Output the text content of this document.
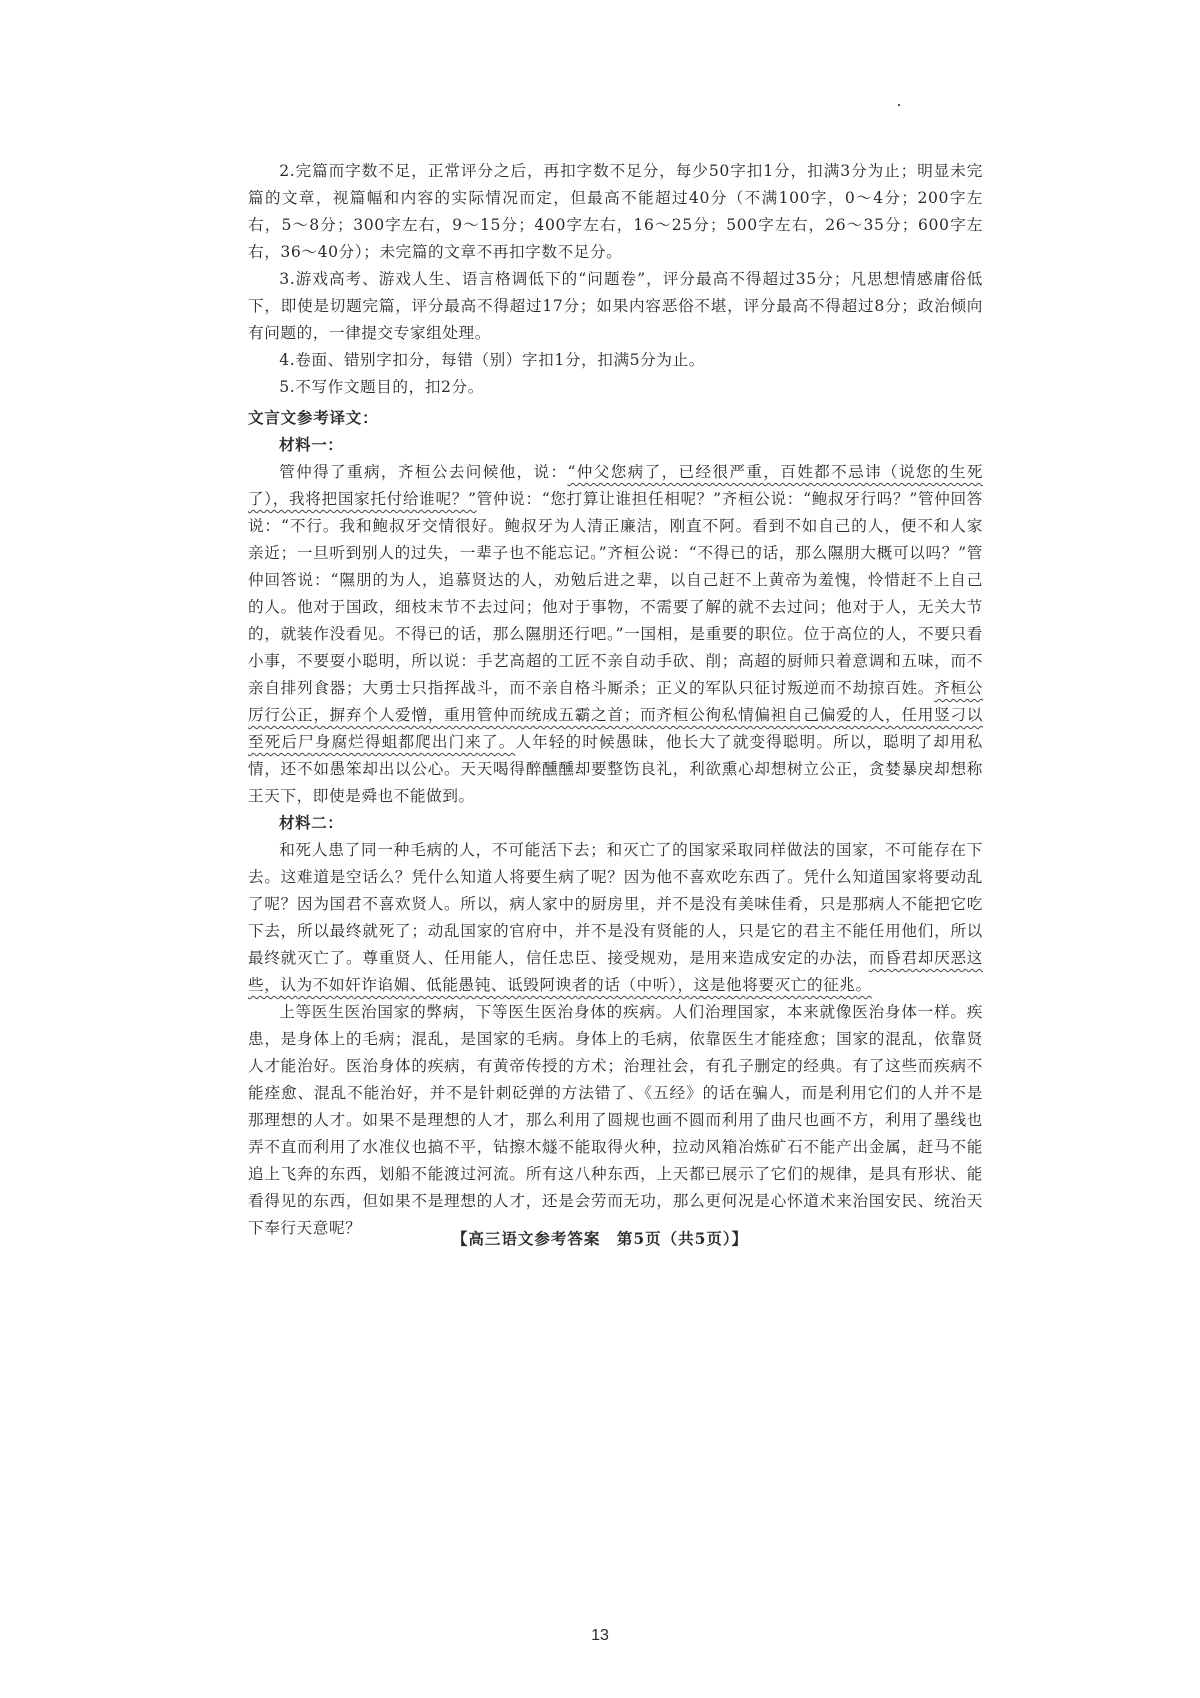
2.完篇而字数不足，正常评分之后，再扣字数不足分，每少50字扣1分，扣满3分为止；明显未完篇的文章，视篇幅和内容的实际情况而定，但最高不能超过40分（不满100字，0～4分；200字左右，5～8分；300字左右，9～15分；400字左右，16～25分；500字左右，26～35分；600字左右，36～40分）；未完篇的文章不再扣字数不足分。

3.游戏高考、游戏人生、语言格调低下的“问题卷”，评分最高不得超过35分；凡思想情感庸俗低下，即使是切题完篇，评分最高不得超过17分；如果内容恶俗不堪，评分最高不得超过8分；政治倾向有问题的，一律提交专家组处理。

4.卷面、错别字扣分，每错（别）字扣1分，扣满5分为止。

5.不写作文题目的，扣2分。

文言文参考译文：

材料一：

管仲得了重病，齐桓公去问候他，说：“仲父您病了，已经很严重，百姓都不忌讳（说您的生死了），我将把国家托付给谁呢？”管仲说：“您打算让谁担任相呢？”齐桓公说：“鲍叔牙行吗？”管仲回答说：“不行。我和鲍叔牙交情很好。鲍叔牙为人清正廉洁，刚直不阿。看到不如自己的人，便不和人家亲近；一旦听到别人的过失，一辈子也不能忘记。”齐桓公说：“不得已的话，那么隰朋大概可以吗？”管仲回答说：“隰朋的为人，追慕贤达的人，劝勉后进之辈，以自己赶不上黄帝为羞愧，怜惜赶不上自己的人。他对于国政，细枝末节不去过问；他对于事物，不需要了解的就不去过问；他对于人，无关大节的，就装作没看见。不得已的话，那么隰朋还行吧。”一国相，是重要的职位。位于高位的人，不要只看小事，不要耍小聪明，所以说：手艺高超的工匠不亲自动手砍、削；高超的厨师只着意调和五味，而不亲自排列食器；大勇士只指挥战斗，而不亲自格斗厮杀；正义的军队只征讨叛逆而不劫掠百姓。齐桓公厉行公正，摒弃个人爱憎，重用管仲而统成五霸之首；而齐桓公徇私情偏袒自己偏爱的人，任用竖刁以至死后尸身腐烂得蛆都爬出门来了。人年轻的时候愚昧，他长大了就变得聪明。所以，聪明了却用私情，还不如愚笨却出以公心。天天喝得醉醺醺却要整饬良礼，利欲熏心却想树立公正，贪婪暴戾却想称王天下，即使是舜也不能做到。

材料二：

和死人患了同一种毛病的人，不可能活下去；和灭亡了的国家采取同样做法的国家，不可能存在下去。这难道是空话么？凭什么知道人将要生病了呢？因为他不喜欢吃东西了。凭什么知道国家将要动乱了呢？因为国君不喜欢贤人。所以，病人家中的厨房里，并不是没有美味佳肴，只是那病人不能把它吃下去，所以最终就死了；动乱国家的官府中，并不是没有贤能的人，只是它的君主不能任用他们，所以最终就灭亡了。尊重贤人、任用能人，信任忠臣、接受规劝，是用来造成安定的办法，而昏君却厌恶这些，认为不如奸诈谄媚、低能愚钝、诋毁阿谀者的话（中听），这是他将要灭亡的征兆。

上等医生医治国家的弊病，下等医生医治身体的疾病。人们治理国家，本来就像医治身体一样。疾患，是身体上的毛病；混乱，是国家的毛病。身体上的毛病，依靠医生才能痊愈；国家的混乱，依靠贤人才能治好。医治身体的疾病，有黄帝传授的方术；治理社会，有孔子删定的经典。有了这些而疾病不能痊愈、混乱不能治好，并不是针刺砭弹的方法错了、《五经》的话在骗人，而是利用它们的人并不是那理想的人才。如果不是理想的人才，那么利用了圆规也画不圆而利用了曲尺也画不方，利用了墨线也弄不直而利用了水准仪也搞不平，钻擦木燧不能取得火种，拉动风箱冶炼矿石不能产出金属，赶马不能追上飞奔的东西，划船不能渡过河流。所有这八种东西，上天都已展示了它们的规律，是具有形状、能看得见的东西，但如果不是理想的人才，还是会劳而无功，那么更何况是心怀道术来治国安民、统治天下奉行天意呢？

【高三语文参考答案　第5页（共5页）】
13
